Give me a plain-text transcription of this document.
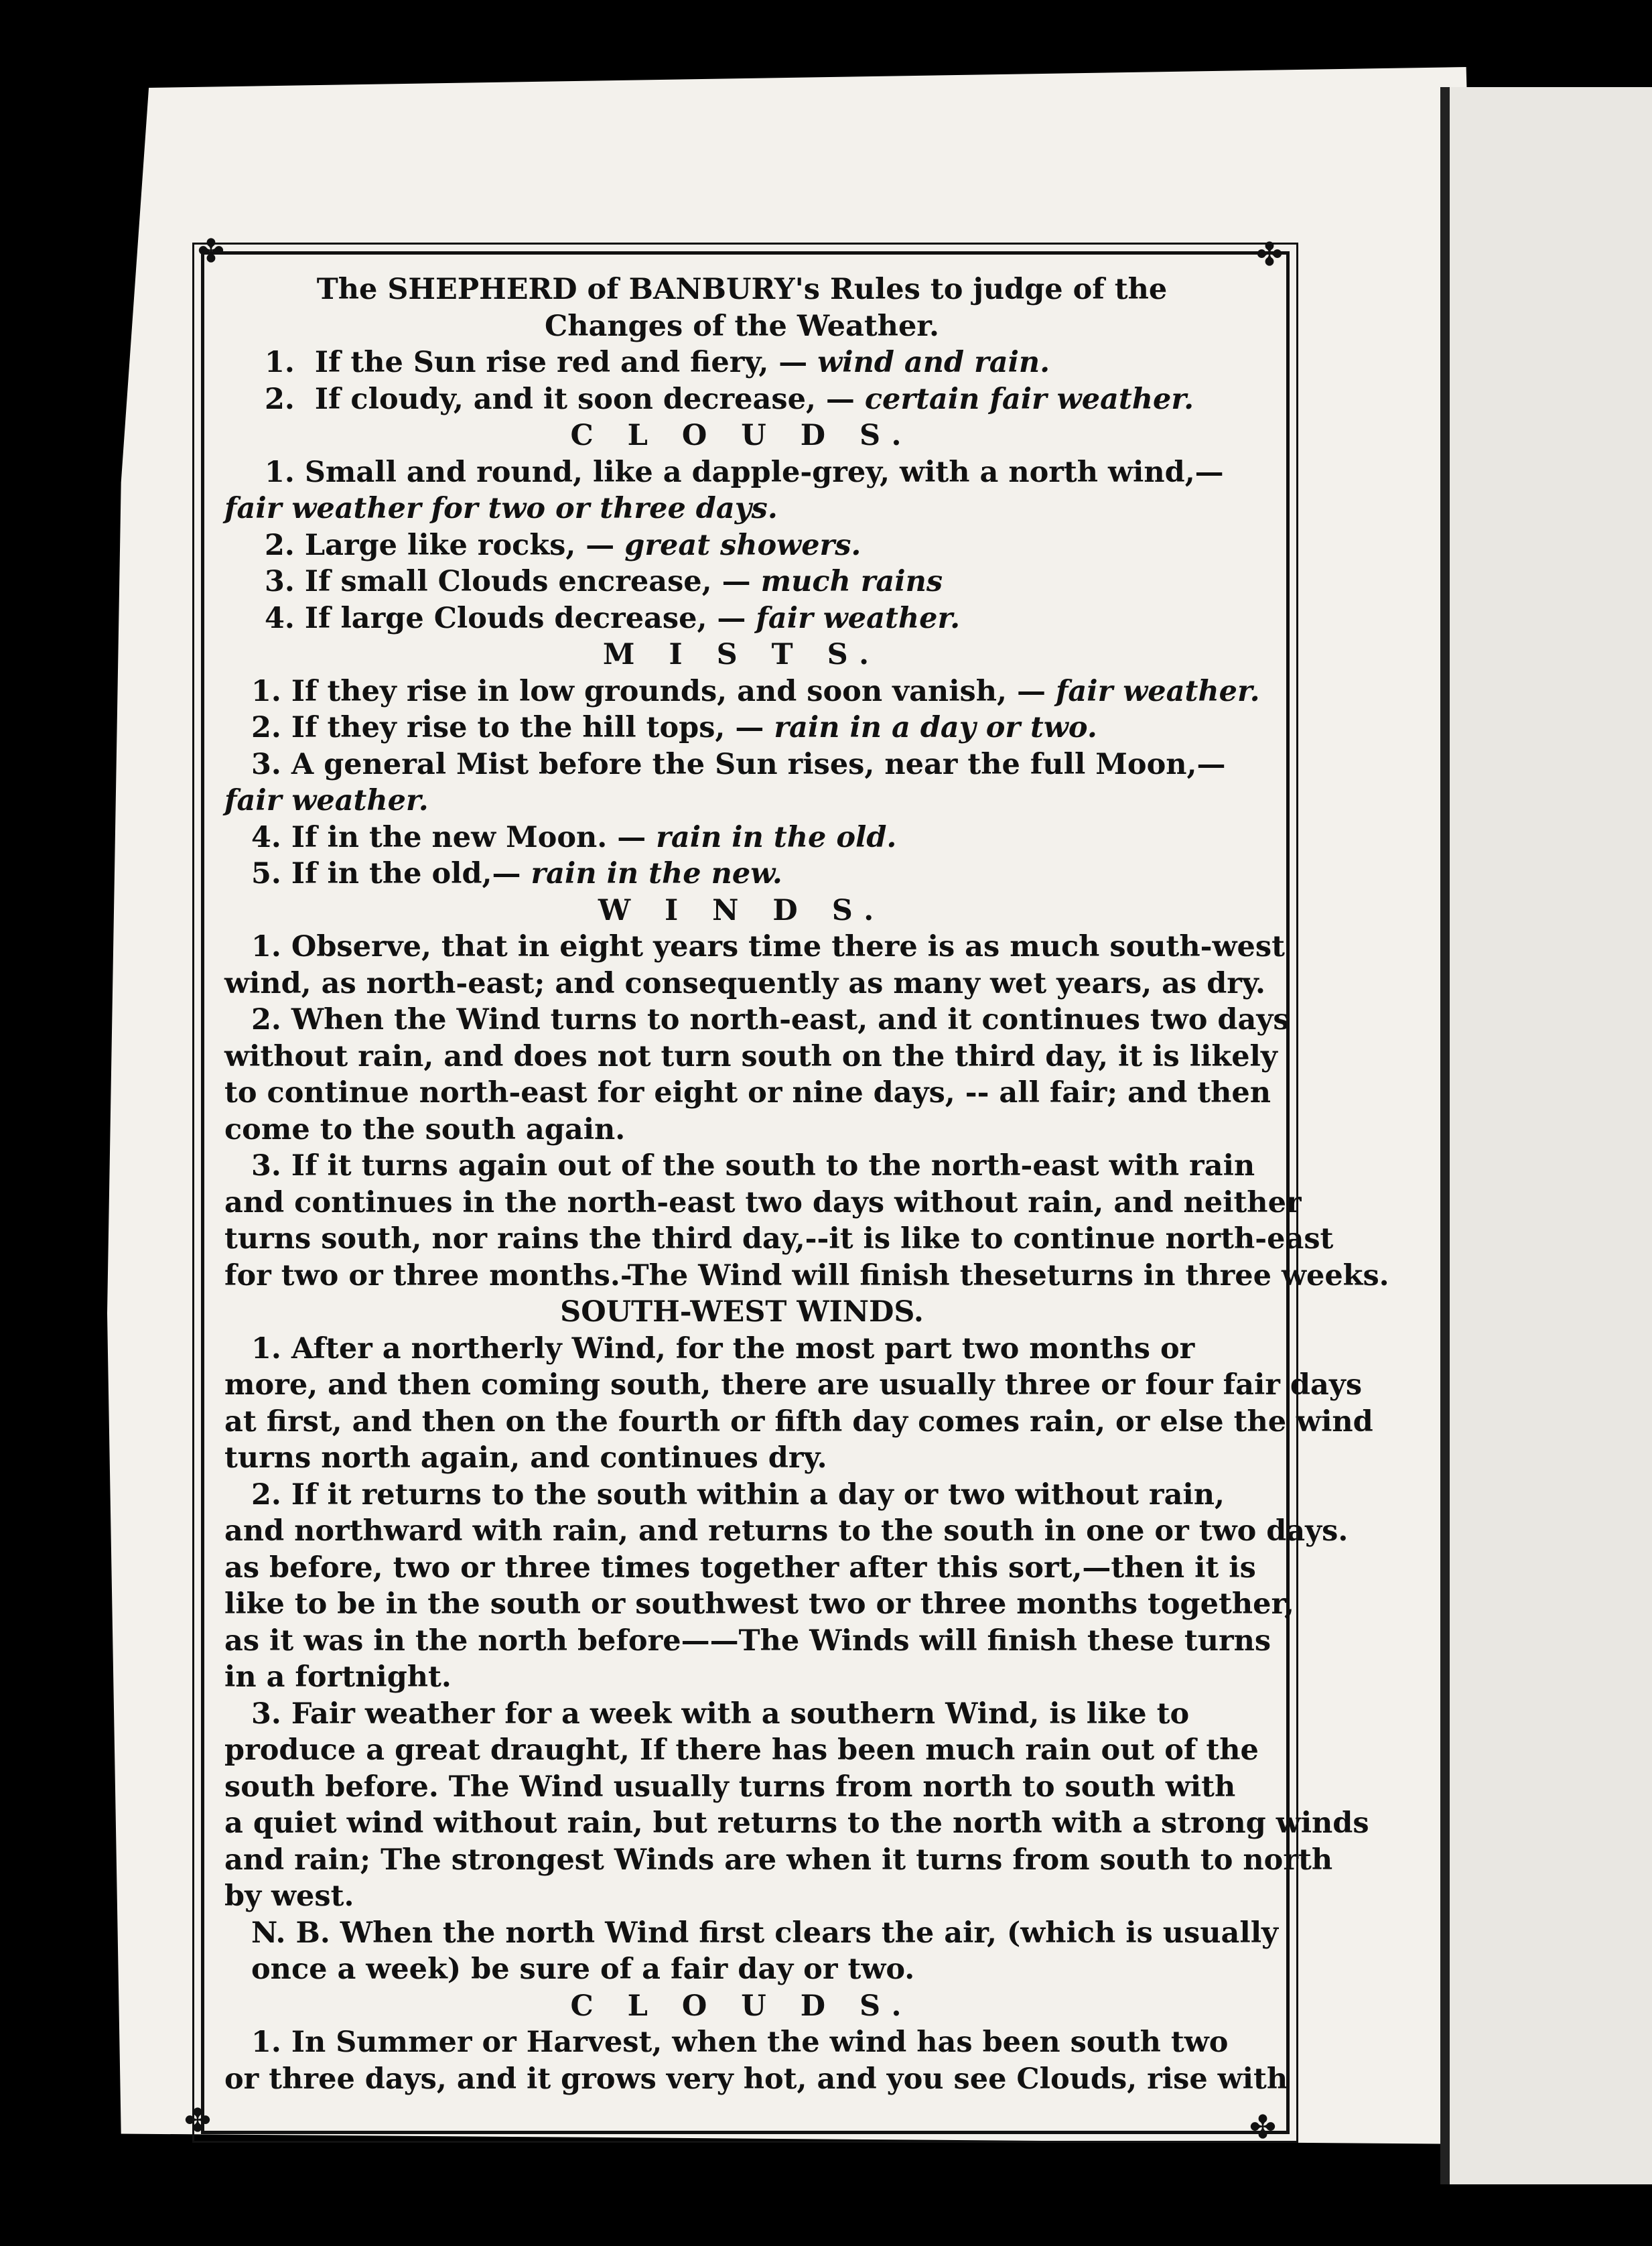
✤	✤
✤	✤

The SHEPHERD of BANBURY's Rules to judge of the

Changes of the Weather.

1. If the Sun rise red and fiery, — wind and rain.

2. If cloudy, and it soon decrease, — certain fair weather.

C L O U D S.

1. Small and round, like a dapple-grey, with a north wind,—

fair weather for two or three days.

2. Large like rocks, — great showers.

3. If small Clouds encrease, — much rains

4. If large Clouds decrease, — fair weather.

M I S T S.

1. If they rise in low grounds, and soon vanish, — fair weather.

2. If they rise to the hill tops, — rain in a day or two.

3. A general Mist before the Sun rises, near the full Moon,—

fair weather.

4. If in the new Moon. — rain in the old.

5. If in the old,— rain in the new.

W I N D S.

1. Observe, that in eight years time there is as much south-west

wind, as north-east; and consequently as many wet years, as dry.

2. When the Wind turns to north-east, and it continues two days

without rain, and does not turn south on the third day, it is likely

to continue north-east for eight or nine days, -- all fair; and then

come to the south again.

3. If it turns again out of the south to the north-east with rain

and continues in the north-east two days without rain, and neither

turns south, nor rains the third day,--it is like to continue north-east

for two or three months.-The Wind will finish theseturns in three weeks.

SOUTH-WEST WINDS.

1. After a northerly Wind, for the most part two months or

more, and then coming south, there are usually three or four fair days

at first, and then on the fourth or fifth day comes rain, or else the wind

turns north again, and continues dry.

2. If it returns to the south within a day or two without rain,

and northward with rain, and returns to the south in one or two days.

as before, two or three times together after this sort,—then it is

like to be in the south or southwest two or three months together,

as it was in the north before——The Winds will finish these turns

in a fortnight.

3. Fair weather for a week with a southern Wind, is like to

produce a great draught, If there has been much rain out of the

south before. The Wind usually turns from north to south with

a quiet wind without rain, but returns to the north with a strong winds

and rain; The strongest Winds are when it turns from south to north

by west.

N. B. When the north Wind first clears the air, (which is usually

once a week) be sure of a fair day or two.

C L O U D S.

1. In Summer or Harvest, when the wind has been south two

or three days, and it grows very hot, and you see Clouds, rise with
